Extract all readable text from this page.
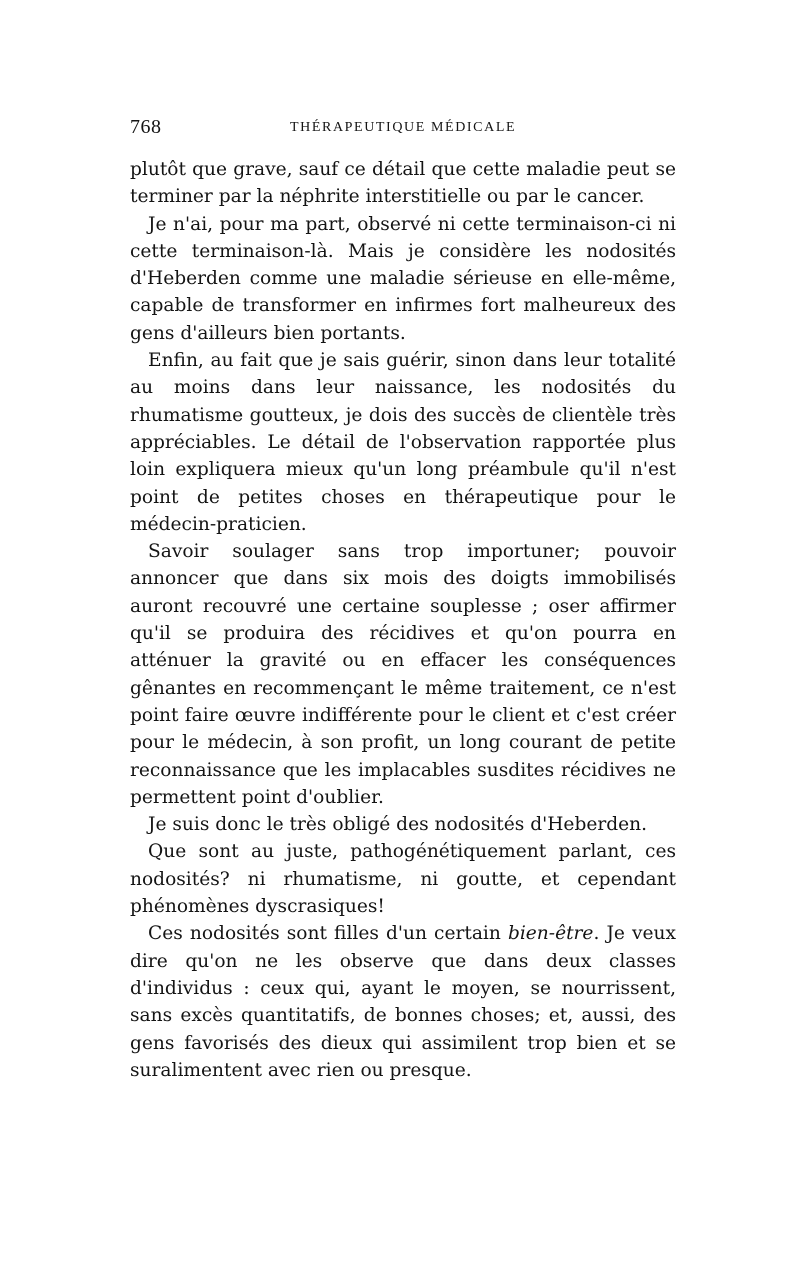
768	THÉRAPEUTIQUE MÉDICALE

plutôt que grave, sauf ce détail que cette maladie peut se terminer par la néphrite interstitielle ou par le cancer.

Je n'ai, pour ma part, observé ni cette terminaison-ci ni cette terminaison-là. Mais je considère les nodosités d'Heberden comme une maladie sérieuse en elle-même, capable de transformer en infirmes fort malheureux des gens d'ailleurs bien portants.

Enfin, au fait que je sais guérir, sinon dans leur totalité au moins dans leur naissance, les nodosités du rhumatisme goutteux, je dois des succès de clientèle très appréciables. Le détail de l'observation rapportée plus loin expliquera mieux qu'un long préambule qu'il n'est point de petites choses en thérapeutique pour le médecin-praticien.

Savoir soulager sans trop importuner; pouvoir annoncer que dans six mois des doigts immobilisés auront recouvré une certaine souplesse ; oser affirmer qu'il se produira des récidives et qu'on pourra en atténuer la gravité ou en effacer les conséquences gênantes en recommençant le même traitement, ce n'est point faire œuvre indifférente pour le client et c'est créer pour le médecin, à son profit, un long courant de petite reconnaissance que les implacables susdites récidives ne permettent point d'oublier.

Je suis donc le très obligé des nodosités d'Heberden.

Que sont au juste, pathogénétiquement parlant, ces nodosités? ni rhumatisme, ni goutte, et cependant phénomènes dyscrasiques!

Ces nodosités sont filles d'un certain bien-être. Je veux dire qu'on ne les observe que dans deux classes d'individus : ceux qui, ayant le moyen, se nourrissent, sans excès quantitatifs, de bonnes choses; et, aussi, des gens favorisés des dieux qui assimilent trop bien et se suralimentent avec rien ou presque.
